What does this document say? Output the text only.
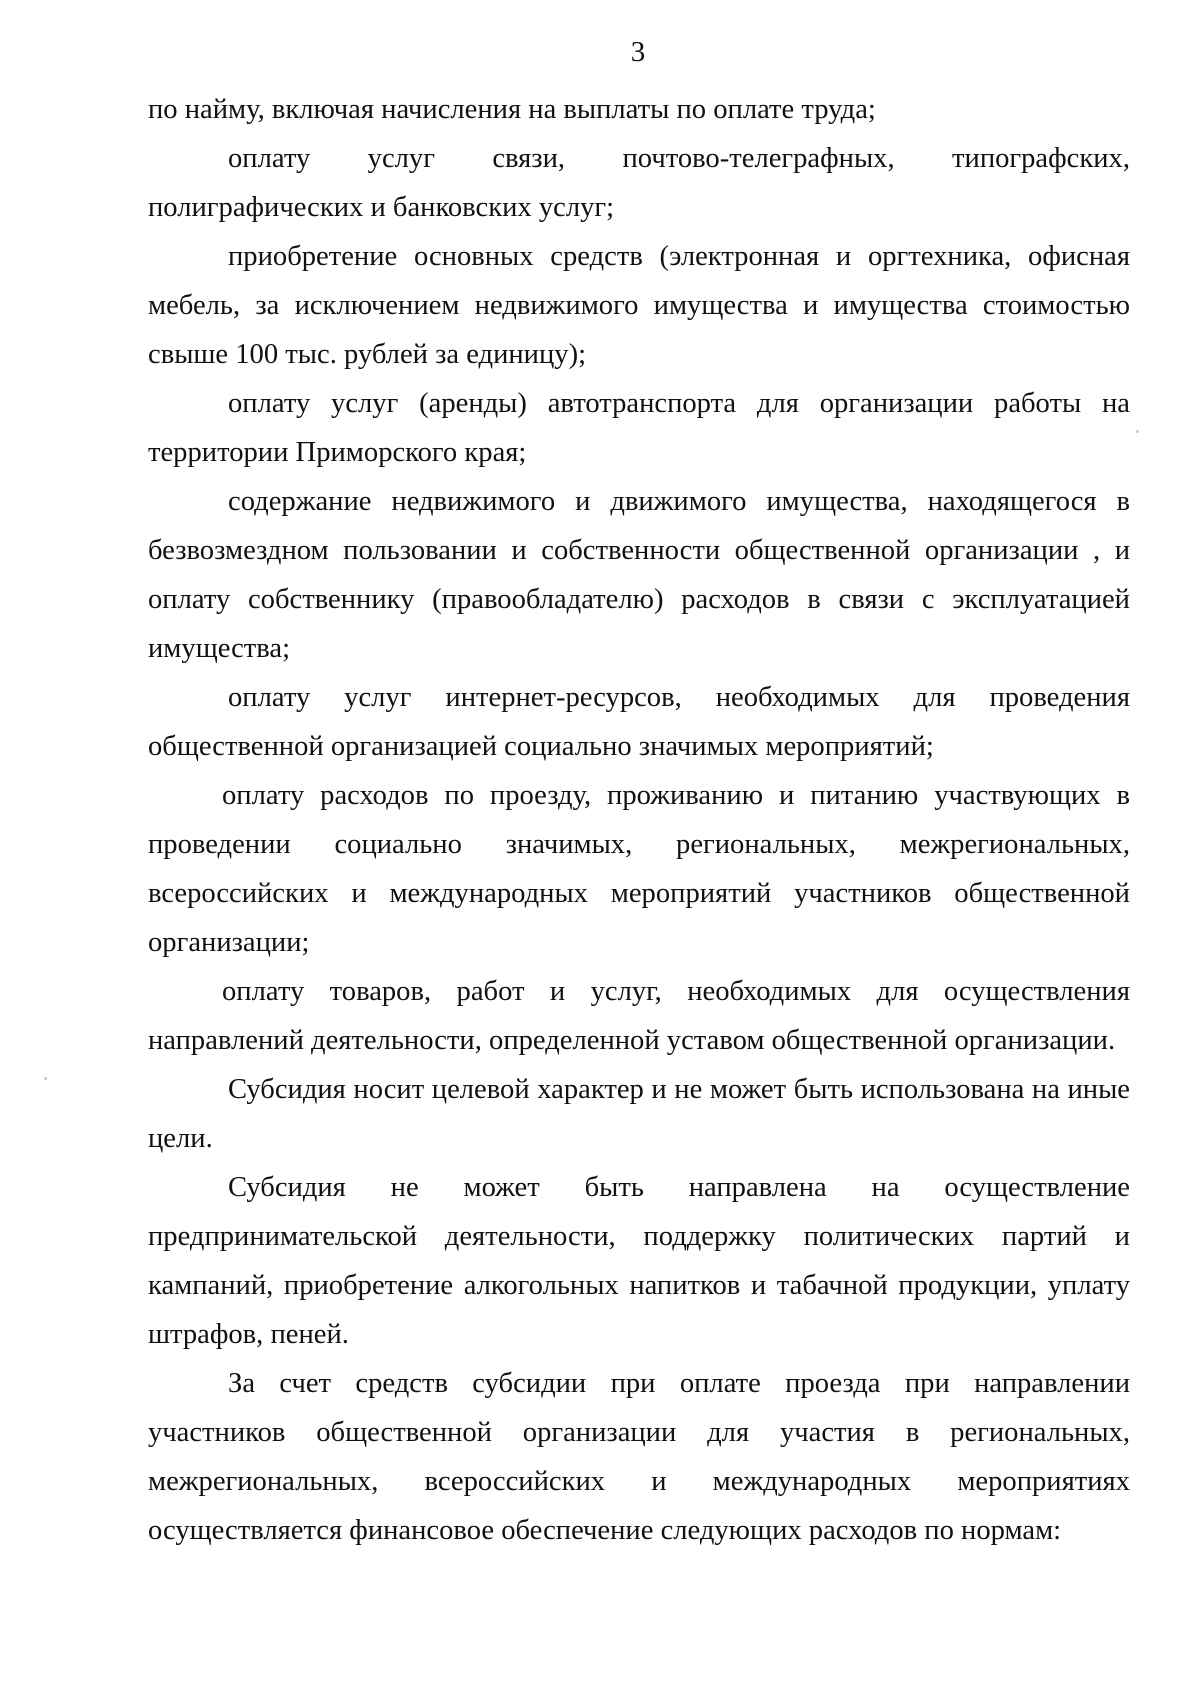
3

по найму, включая начисления на выплаты по оплате труда;

оплату услуг связи, почтово-телеграфных, типографских, полиграфических и банковских услуг;

приобретение основных средств (электронная и оргтехника, офисная мебель, за исключением недвижимого имущества и имущества стоимостью свыше 100 тыс. рублей за единицу);

оплату услуг (аренды) автотранспорта для организации работы на территории Приморского края;

содержание недвижимого и движимого имущества, находящегося в безвозмездном пользовании и собственности общественной организации , и оплату собственнику (правообладателю) расходов в связи с эксплуатацией имущества;

оплату услуг интернет-ресурсов, необходимых для проведения общественной организацией социально значимых мероприятий;

оплату расходов по проезду, проживанию и питанию участвующих в проведении социально значимых, региональных, межрегиональных, всероссийских и международных мероприятий участников общественной организации;

оплату товаров, работ и услуг, необходимых для осуществления направлений деятельности, определенной уставом общественной организации.

Субсидия носит целевой характер и не может быть использована на иные цели.

Субсидия не может быть направлена на осуществление предпринимательской деятельности, поддержку политических партий и кампаний, приобретение алкогольных напитков и табачной продукции, уплату штрафов, пеней.

За счет средств субсидии при оплате проезда при направлении участников общественной организации для участия в региональных, межрегиональных, всероссийских и международных мероприятиях осуществляется финансовое обеспечение следующих расходов по нормам:
